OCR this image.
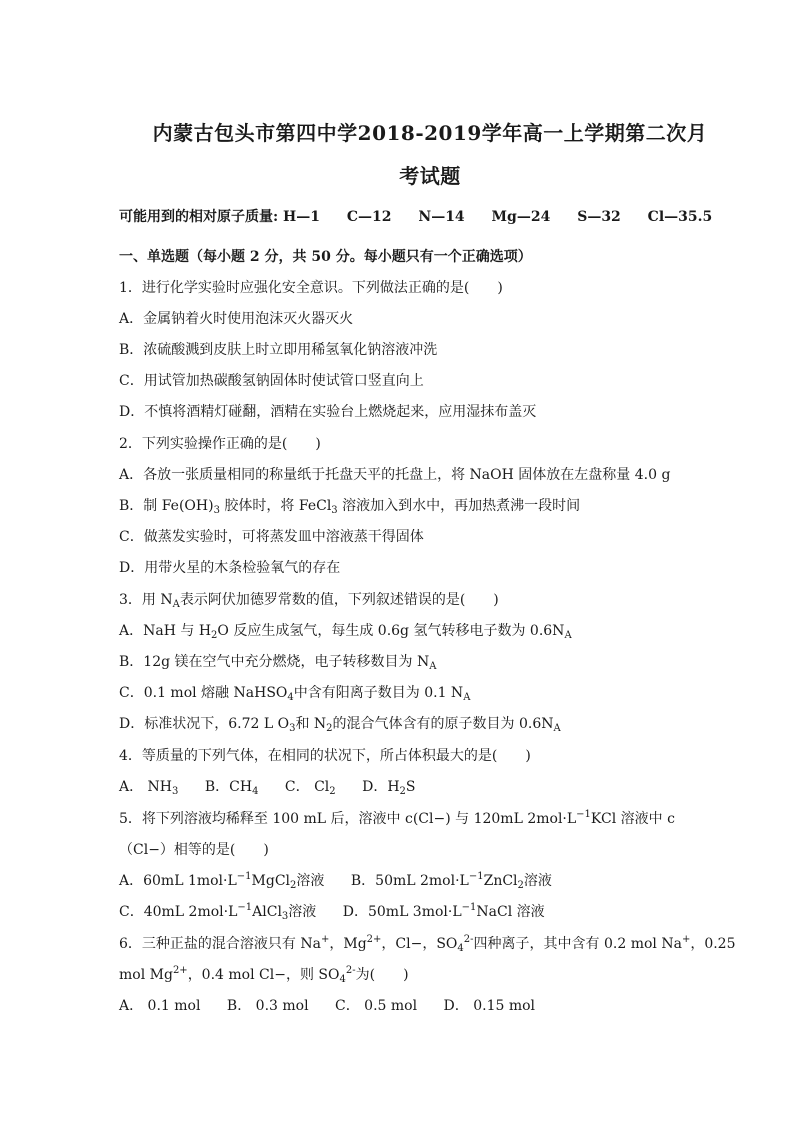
内蒙古包头市第四中学2018-2019学年高一上学期第二次月
考试题
可能用到的相对原子质量: H—1 C—12 N—14 Mg—24 S—32 Cl—35.5
一、单选题（每小题 2 分，共 50 分。每小题只有一个正确选项）
1．进行化学实验时应强化安全意识。下列做法正确的是(　　)
A．金属钠着火时使用泡沫灭火器灭火
B．浓硫酸溅到皮肤上时立即用稀氢氧化钠溶液冲洗
C．用试管加热碳酸氢钠固体时使试管口竖直向上
D．不慎将酒精灯碰翻，酒精在实验台上燃烧起来，应用湿抹布盖灭
2．下列实验操作正确的是(　　)
A．各放一张质量相同的称量纸于托盘天平的托盘上，将 NaOH 固体放在左盘称量 4.0 g
B．制 $Fe(OH)_3$ 胶体时，将 FeCl$_3$ 溶液加入到水中，再加热煮沸一段时间
C．做蒸发实验时，可将蒸发皿中溶液蒸干得固体
D．用带火星的木条检验氧气的存在
3．用 $N_A$表示阿伏加德罗常数的值，下列叙述错误的是(　　)
A．NaH 与 $H_2O$ 反应生成氢气，每生成 0.6g 氢气转移电子数为 $0.6N_A$
B．12g 镁在空气中充分燃烧，电子转移数目为 $N_A$
C．0.1 mol 熔融 NaHSO$_4$中含有阳离子数目为 0.1 $N_A$
D．标准状况下，6.72 L $O_3$和 $N_2$的混合气体含有的原子数目为 $0.6N_A$
4．等质量的下列气体，在相同的状况下，所占体积最大的是(　　)
A． $NH_3$ B．$CH_4$ C． $Cl_2$ D．$H_2S$
5．将下列溶液均稀释至 100 mL 后，溶液中 c(Cl−) 与 120mL $2mol\cdot L^{-1}KCl$ 溶液中 c
（Cl−）相等的是(　　)
A．60mL $1mol\cdot L^{-1}MgCl_2$溶液 B．50mL $2mol\cdot L^{-1}ZnCl_2$溶液
C．40mL $2mol\cdot L^{-1}AlCl_3$溶液 D．50mL $3mol\cdot L^{-1}NaCl$ 溶液
6．三种正盐的混合溶液只有 Na+，$Mg^{2+}$，Cl−，$SO_4^{2-}$四种离子，其中含有 0.2 mol Na+，0.25
mol $Mg^{2+}$，0.4 mol Cl−，则 $SO_4^{2-}$为(　　)
A． 0.1 mol B． 0.3 mol C． 0.5 mol D． 0.15 mol
